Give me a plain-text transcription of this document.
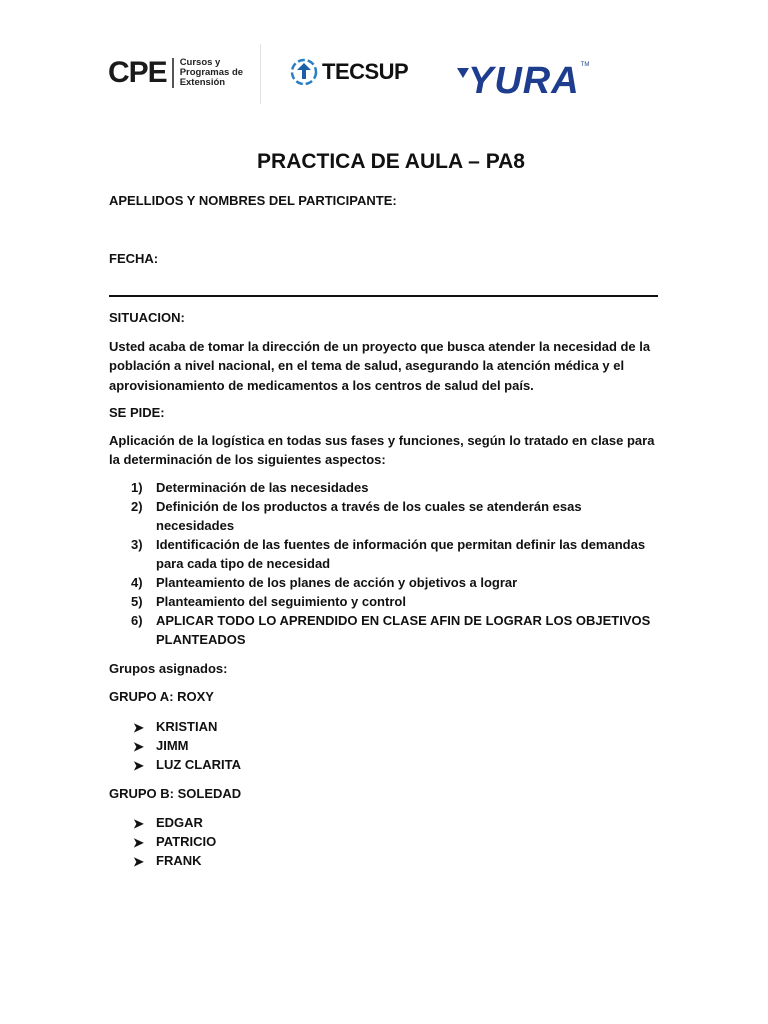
CPE Cursos y
Programas de
Extensión	TECSUP YURA TM
PRACTICA DE AULA – PA8

APELLIDOS Y NOMBRES DEL PARTICIPANTE:

FECHA:

SITUACION:

Usted acaba de tomar la dirección de un proyecto que busca atender la necesidad de la población a nivel nacional, en el tema de salud, asegurando la atención médica y el aprovisionamiento de medicamentos a los centros de salud del país.

SE PIDE:

Aplicación de la logística en todas sus fases y funciones, según lo tratado en clase para la determinación de los siguientes aspectos:

1) Determinación de las necesidades
2) Definición de los productos a través de los cuales se atenderán esas necesidades
3) Identificación de las fuentes de información que permitan definir las demandas para cada tipo de necesidad
4) Planteamiento de los planes de acción y objetivos a lograr
5) Planteamiento del seguimiento y control
6) APLICAR TODO LO APRENDIDO EN CLASE AFIN DE LOGRAR LOS OBJETIVOS PLANTEADOS

Grupos asignados:

GRUPO A: ROXY

➤ KRISTIAN
➤ JIMM
➤ LUZ CLARITA

GRUPO B: SOLEDAD

➤ EDGAR
➤ PATRICIO
➤ FRANK
